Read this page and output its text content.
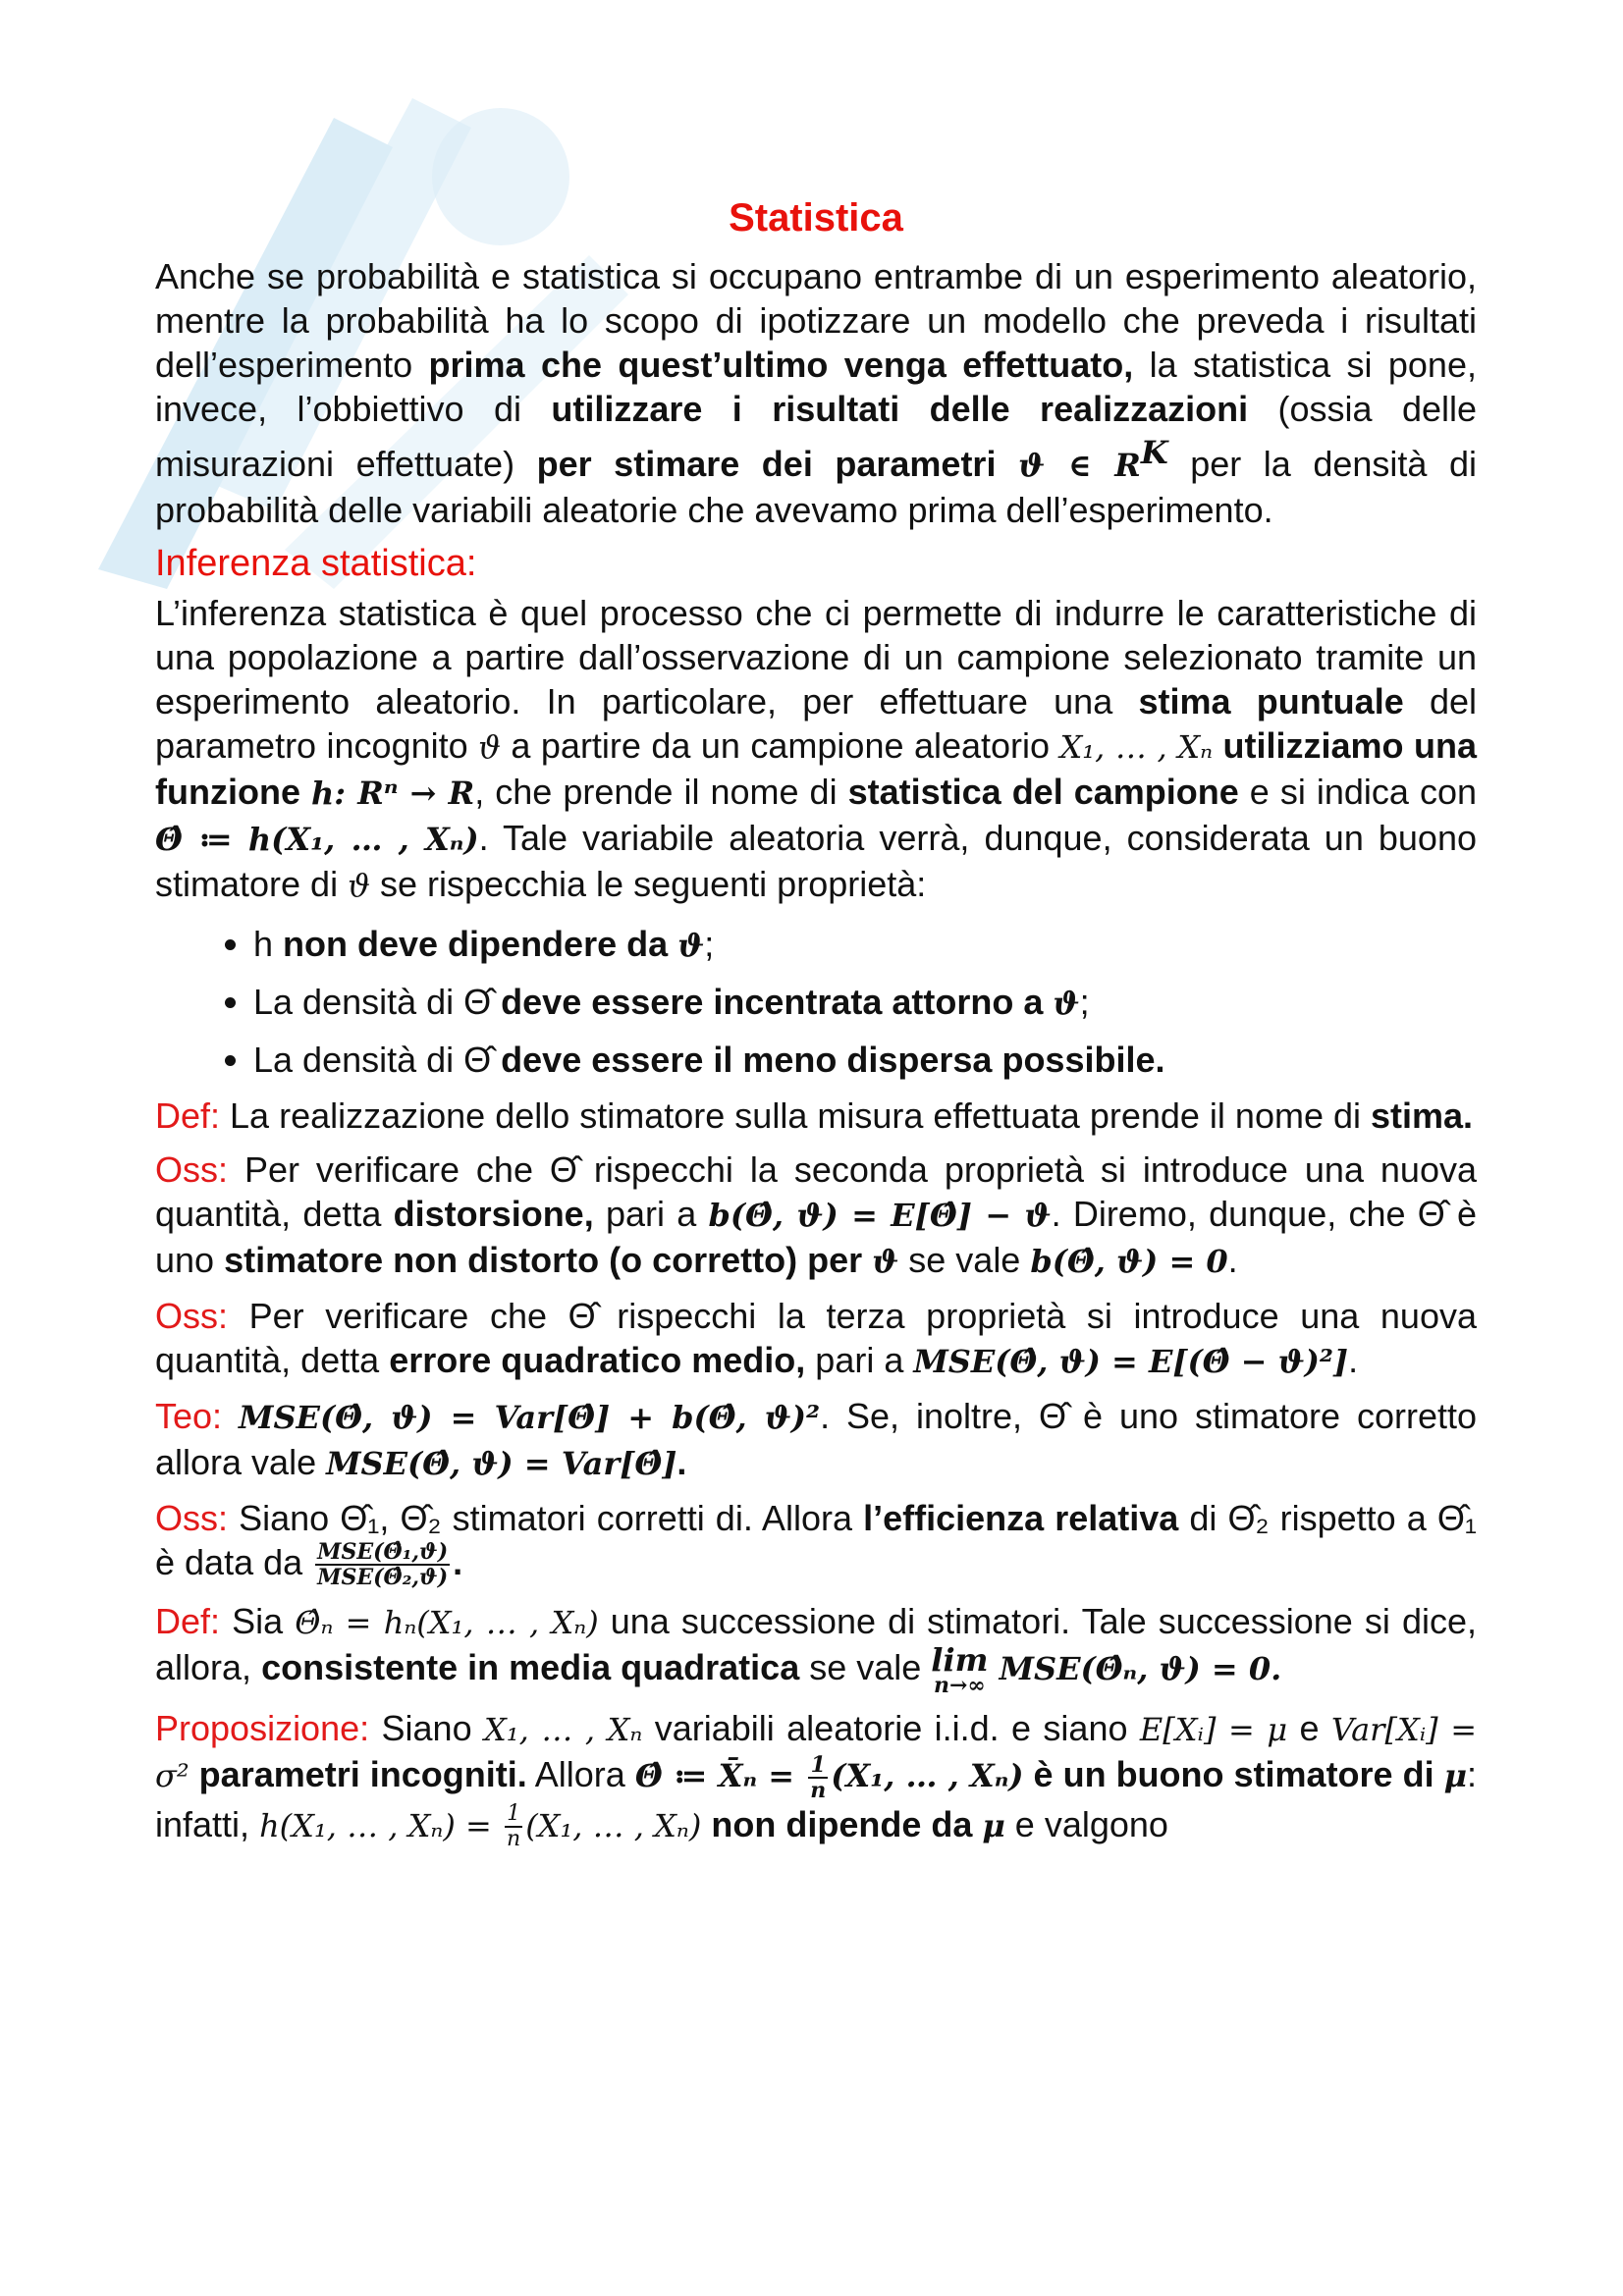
Statistica

Anche se probabilità e statistica si occupano entrambe di un esperimento aleatorio, mentre la probabilità ha lo scopo di ipotizzare un modello che preveda i risultati dell’esperimento prima che quest’ultimo venga effettuato, la statistica si pone, invece, l’obbiettivo di utilizzare i risultati delle realizzazioni (ossia delle misurazioni effettuate) per stimare dei parametri ϑ ∈ $R^K$ per la densità di probabilità delle variabili aleatorie che avevamo prima dell’esperimento.

Inferenza statistica:

L’inferenza statistica è quel processo che ci permette di indurre le caratteristiche di una popolazione a partire dall’osservazione di un campione selezionato tramite un esperimento aleatorio. In particolare, per effettuare una stima puntuale del parametro incognito ϑ a partire da un campione aleatorio X₁, … , Xₙ utilizziamo una funzione h: Rⁿ → R, che prende il nome di statistica del campione e si indica con Θ̂ ≔ h(X₁, … , Xₙ). Tale variabile aleatoria verrà, dunque, considerata un buono stimatore di ϑ se rispecchia le seguenti proprietà:

• h non deve dipendere da ϑ;
• La densità di Θ̂ deve essere incentrata attorno a ϑ;
• La densità di Θ̂ deve essere il meno dispersa possibile.

Def: La realizzazione dello stimatore sulla misura effettuata prende il nome di stima.

Oss: Per verificare che Θ̂ rispecchi la seconda proprietà si introduce una nuova quantità, detta distorsione, pari a b(Θ̂, ϑ) = E[Θ̂] − ϑ. Diremo, dunque, che Θ̂ è uno stimatore non distorto (o corretto) per ϑ se vale b(Θ̂, ϑ) = 0.

Oss: Per verificare che Θ̂ rispecchi la terza proprietà si introduce una nuova quantità, detta errore quadratico medio, pari a MSE(Θ̂, ϑ) = E[(Θ̂ − ϑ)²].

Teo: MSE(Θ̂, ϑ) = Var[Θ̂] + b(Θ̂, ϑ)². Se, inoltre, Θ̂ è uno stimatore corretto allora vale MSE(Θ̂, ϑ) = Var[Θ̂].

Oss: Siano Θ̂₁, Θ̂₂ stimatori corretti di. Allora l’efficienza relativa di Θ̂₂ rispetto a Θ̂₁ è data da $\frac{\text{MSE(Θ̂₁,ϑ)}}{\text{MSE(Θ̂₂,ϑ)}}$ .

Def: Sia Θ̂ₙ = hₙ(X₁, … , Xₙ) una successione di stimatori. Tale successione si dice, allora, consistente in media quadratica se vale lim
n→∞ MSE(Θ̂ₙ, ϑ) = 0.

Proposizione: Siano X₁, … , Xₙ variabili aleatorie i.i.d. e siano E[Xᵢ] = μ e Var[Xᵢ] = σ² parametri incogniti. Allora Θ̂ ≔ X̄ₙ = $\frac{1}{n} (X_1$, … , Xₙ) è un buono stimatore di μ: infatti, h(X₁, … , $X_n) = \frac{1}{n} (X_1$, … , Xₙ) non dipende da μ e valgono
